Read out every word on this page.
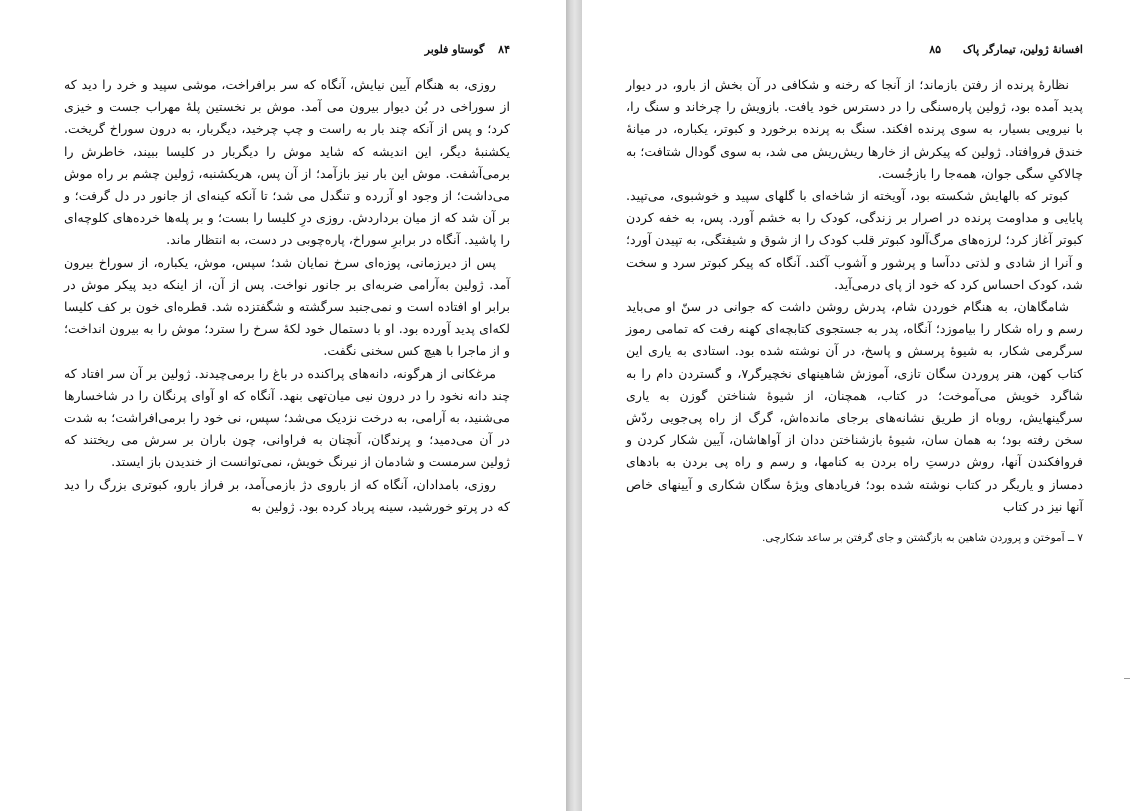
۸۴ گوستاو فلوبر

روزی، به هنگام آیین نیایش، آنگاه که سر برافراخت، موشی سپید و خرد را دید که از سوراخی در بُن دیوار بیرون می آمد. موش بر نخستین پلهٔ مهراب جست و خیزی کرد؛ و پس از آنکه چند بار به راست و چپ چرخید، دیگربار، به درون سوراخ گریخت. یکشنبهٔ دیگر، این اندیشه که شاید موش را دیگربار در کلیسا ببیند، خاطرش را برمی‌آشفت. موش این بار نیز بازآمد؛ از آن پس، هریکشنبه، ژولین چشم بر راه موش می‌داشت؛ از وجود او آزرده و تنگدل می شد؛ تا آنکه کینه‌ای از جانور در دل گرفت؛ و بر آن شد که از میان برداردش. روزی درِ کلیسا را بست؛ و بر پله‌ها خرده‌های کلوچه‌ای را پاشید. آنگاه در برابرِ سوراخ، پاره‌چوبی در دست، به انتظار ماند.

پس از دیرزمانی، پوزه‌ای سرخ نمایان شد؛ سپس، موش، یکباره، از سوراخ بیرون آمد. ژولین به‌آرامی ضربه‌ای بر جانور نواخت. پس از آن، از اینکه دید پیکر موش در برابر او افتاده است و نمی‌جنبد سرگشته و شگفتزده شد. قطره‌ای خون بر کف کلیسا لکه‌ای پدید آورده بود. او با دستمال خود لکهٔ سرخ را سترد؛ موش را به بیرون انداخت؛ و از ماجرا با هیچ کس سخنی نگفت.

مرغکانی از هرگونه، دانه‌های پراکنده در باغ را برمی‌چیدند. ژولین بر آن سر افتاد که چند دانه نخود را در درون نیی میان‌تهی بنهد. آنگاه که او آوای پرنگان را در شاخسارها می‌شنید، به آرامی، به درخت نزدیک می‌شد؛ سپس، نی خود را برمی‌افراشت؛ به شدت در آن می‌دمید؛ و پرندگان، آنچنان به فراوانی، چون باران بر سرش می ریختند که ژولین سرمست و شادمان از نیرنگ خویش، نمی‌توانست از خندیدن باز ایستد.

روزی، بامدادان، آنگاه که از باروی دژ بازمی‌آمد، بر فراز بارو، کبوتری بزرگ را دید که در پرتو خورشید، سینه پرباد کرده بود. ژولین به

افسانهٔ ژولین، تیمارگر پاک ۸۵

نظارهٔ پرنده از رفتن بازماند؛ از آنجا که رخنه و شکافی در آن بخش از بارو، در دیوار پدید آمده بود، ژولین پاره‌سنگی را در دسترس خود یافت. بازویش را چرخاند و سنگ را، با نیرویی بسیار، به سوی پرنده افکند. سنگ به پرنده برخورد و کبوتر، یکباره، در میانهٔ خندق فروافتاد. ژولین که پیکرش از خارها ریش‌ریش می شد، به سوی گودال شتافت؛ به چالاکیِ سگی جوان، همه‌جا را بازجُست.

کبوتر که بالهایش شکسته بود، آویخته از شاخه‌ای با گلهای سپید و خوشبوی، می‌تپید. پایایی و مداومت پرنده در اصرار بر زندگی، کودک را به خشم آورد. پس، به خفه کردن کبوتر آغاز کرد؛ لرزه‌های مرگ‌آلود کبوتر قلب کودک را از شوق و شیفتگی، به تپیدن آورد؛ و آنرا از شادی و لذتی ددآسا و پرشور و آشوب آکند. آنگاه که پیکر کبوتر سرد و سخت شد، کودک احساس کرد که خود از پای درمی‌آید.

شامگاهان، به هنگام خوردن شام، پدرش روشن داشت که جوانی در سنّ او می‌باید رسم و راه شکار را بیاموزد؛ آنگاه، پدر به جستجوی کتابچه‌ای کهنه رفت که تمامی رموز سرگرمی شکار، به شیوهٔ پرسش و پاسخ، در آن نوشته شده بود. استادی به یاری این کتاب کهن، هنر پروردن سگان تازی، آموزش شاهینهای نخچیرگر۷، و گستردن دام را به شاگرد خویش می‌آموخت؛ در کتاب، همچنان، از شیوهٔ شناختن گوزن به یاری سرگینهایش، روباه از طریق نشانه‌های برجای مانده‌اش، گرگ از راه پی‌جویی ردّش سخن رفته بود؛ به همان سان، شیوهٔ بازشناختن ددان از آواهاشان، آیین شکار کردن و فروافکندن آنها، روش درستِ راه بردن به کنامها، و رسم و راه پی بردن به بادهای دمساز و یاریگر در کتاب نوشته شده بود؛ فریادهای ویژهٔ سگان شکاری و آیینهای خاص آنها نیز در کتاب

۷ ــ آموختن و پروردن شاهین به بازگشتن و جای گرفتن بر ساعد شکارچی.
